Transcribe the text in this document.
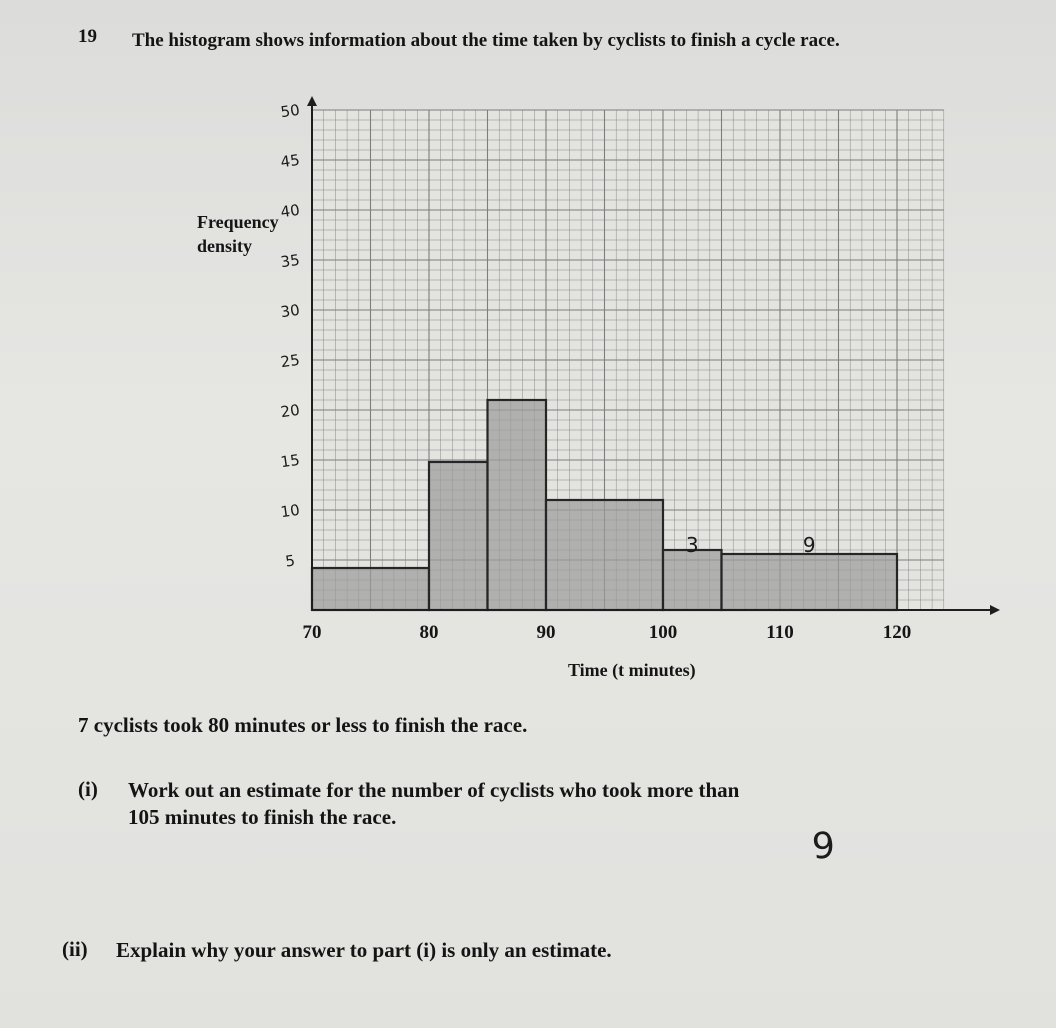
19 The histogram shows information about the time taken by cyclists to finish a cycle race.
5
10
15
20
25
30
35
40
45
50
70	80	90	100	110	120
3	9
Frequency
density
Time (t minutes)
7 cyclists took 80 minutes or less to finish the race.
(i) Work out an estimate for the number of cyclists who took more than
105 minutes to finish the race.
9
(ii) Explain why your answer to part (i) is only an estimate.
